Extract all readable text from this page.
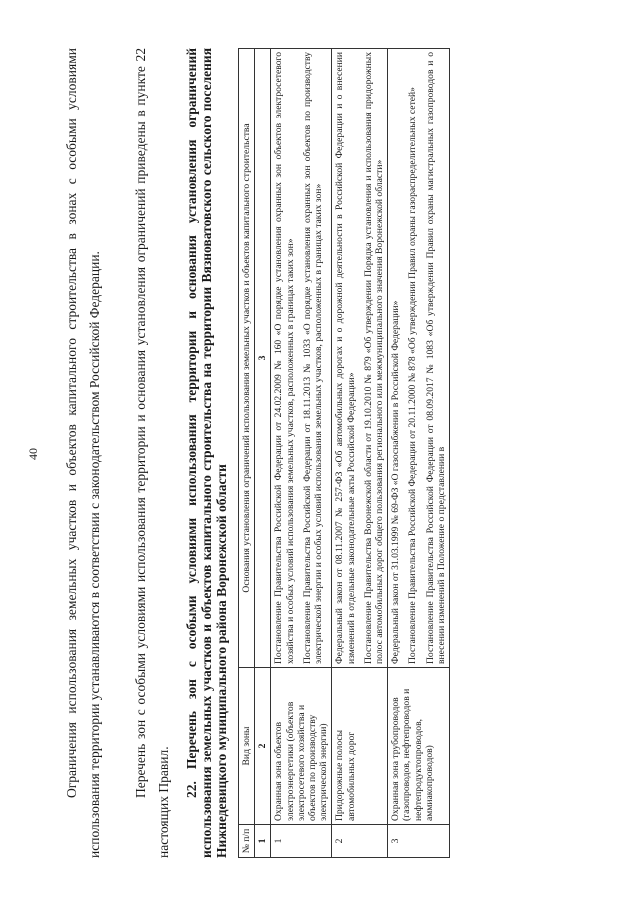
40 Ограничения использования земельных участков и объектов капитального строительства в зонах с особыми условиями использования территории устанавливаются в соответствии с законодательством Российской Федерации. Перечень зон с особыми условиями использования территории и основания установления ограничений приведены в пункте 22 настоящих Правил.
22. Перечень зон с особыми условиями использования территории и основания установления ограничений использования земельных участков и объектов капитального строительства на территории Вязноватовского сельского поселения Нижнедевицкого муниципального района Воронежской области № п/п	Вид зоны	Основания установления ограничений использования земельных участков и объектов капитального строительства
1	2	3
1	Охранная зона объектов электроэнергетики (объектов электросетевого хозяйства и объектов по производству электрической энергии)	Постановление Правительства Российской Федерации от 24.02.2009 № 160 «О порядке установления охранных зон объектов электросетевого хозяйства и особых условий использования земельных участков, расположенных в границах таких зон» Постановление Правительства Российской Федерации от 18.11.2013 № 1033 «О порядке установления охранных зон объектов по производству электрической энергии и особых условий использования земельных участков, расположенных в границах таких зон»

2	Придорожные полосы автомобильных дорог	Федеральный закон от 08.11.2007 № 257-ФЗ «Об автомобильных дорогах и о дорожной деятельности в Российской Федерации и о внесении изменений в отдельные законодательные акты Российской Федерации» Постановление Правительства Воронежской области от 19.10.2010 № 879 «Об утверждении Порядка установления и использования придорожных полос автомобильных дорог общего пользования регионального или межмуниципального значения Воронежской области»

3	Охранная зона трубопроводов (газопроводов, нефтепроводов и нефтепродуктопроводов, аммиакопроводов)	Федеральный закон от 31.03.1999 № 69-ФЗ «О газоснабжении в Российской Федерации» Постановление Правительства Российской Федерации от 20.11.2000 № 878 «Об утверждении Правил охраны газораспределительных сетей» Постановление Правительства Российской Федерации от 08.09.2017 № 1083 «Об утверждении Правил охраны магистральных газопроводов и о внесении изменений в Положение о представлении в
